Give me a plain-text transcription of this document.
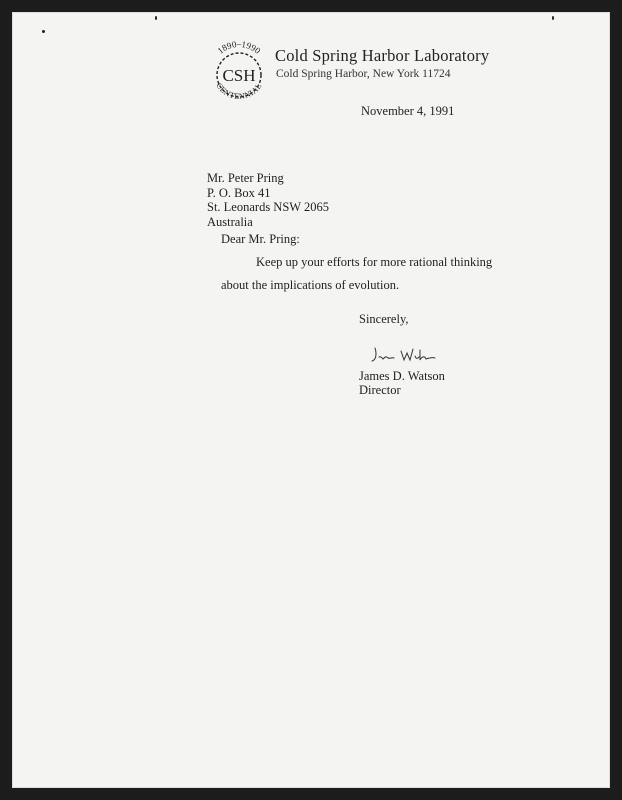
1890–1990
CENTENNIAL
CSH
Cold Spring Harbor Laboratory
Cold Spring Harbor, New York 11724
November 4, 1991
Mr. Peter Pring
P. O. Box 41
St. Leonards NSW 2065
Australia
Dear Mr. Pring:
Keep up your efforts for more rational thinking
about the implications of evolution.
Sincerely,
James D. Watson
Director
